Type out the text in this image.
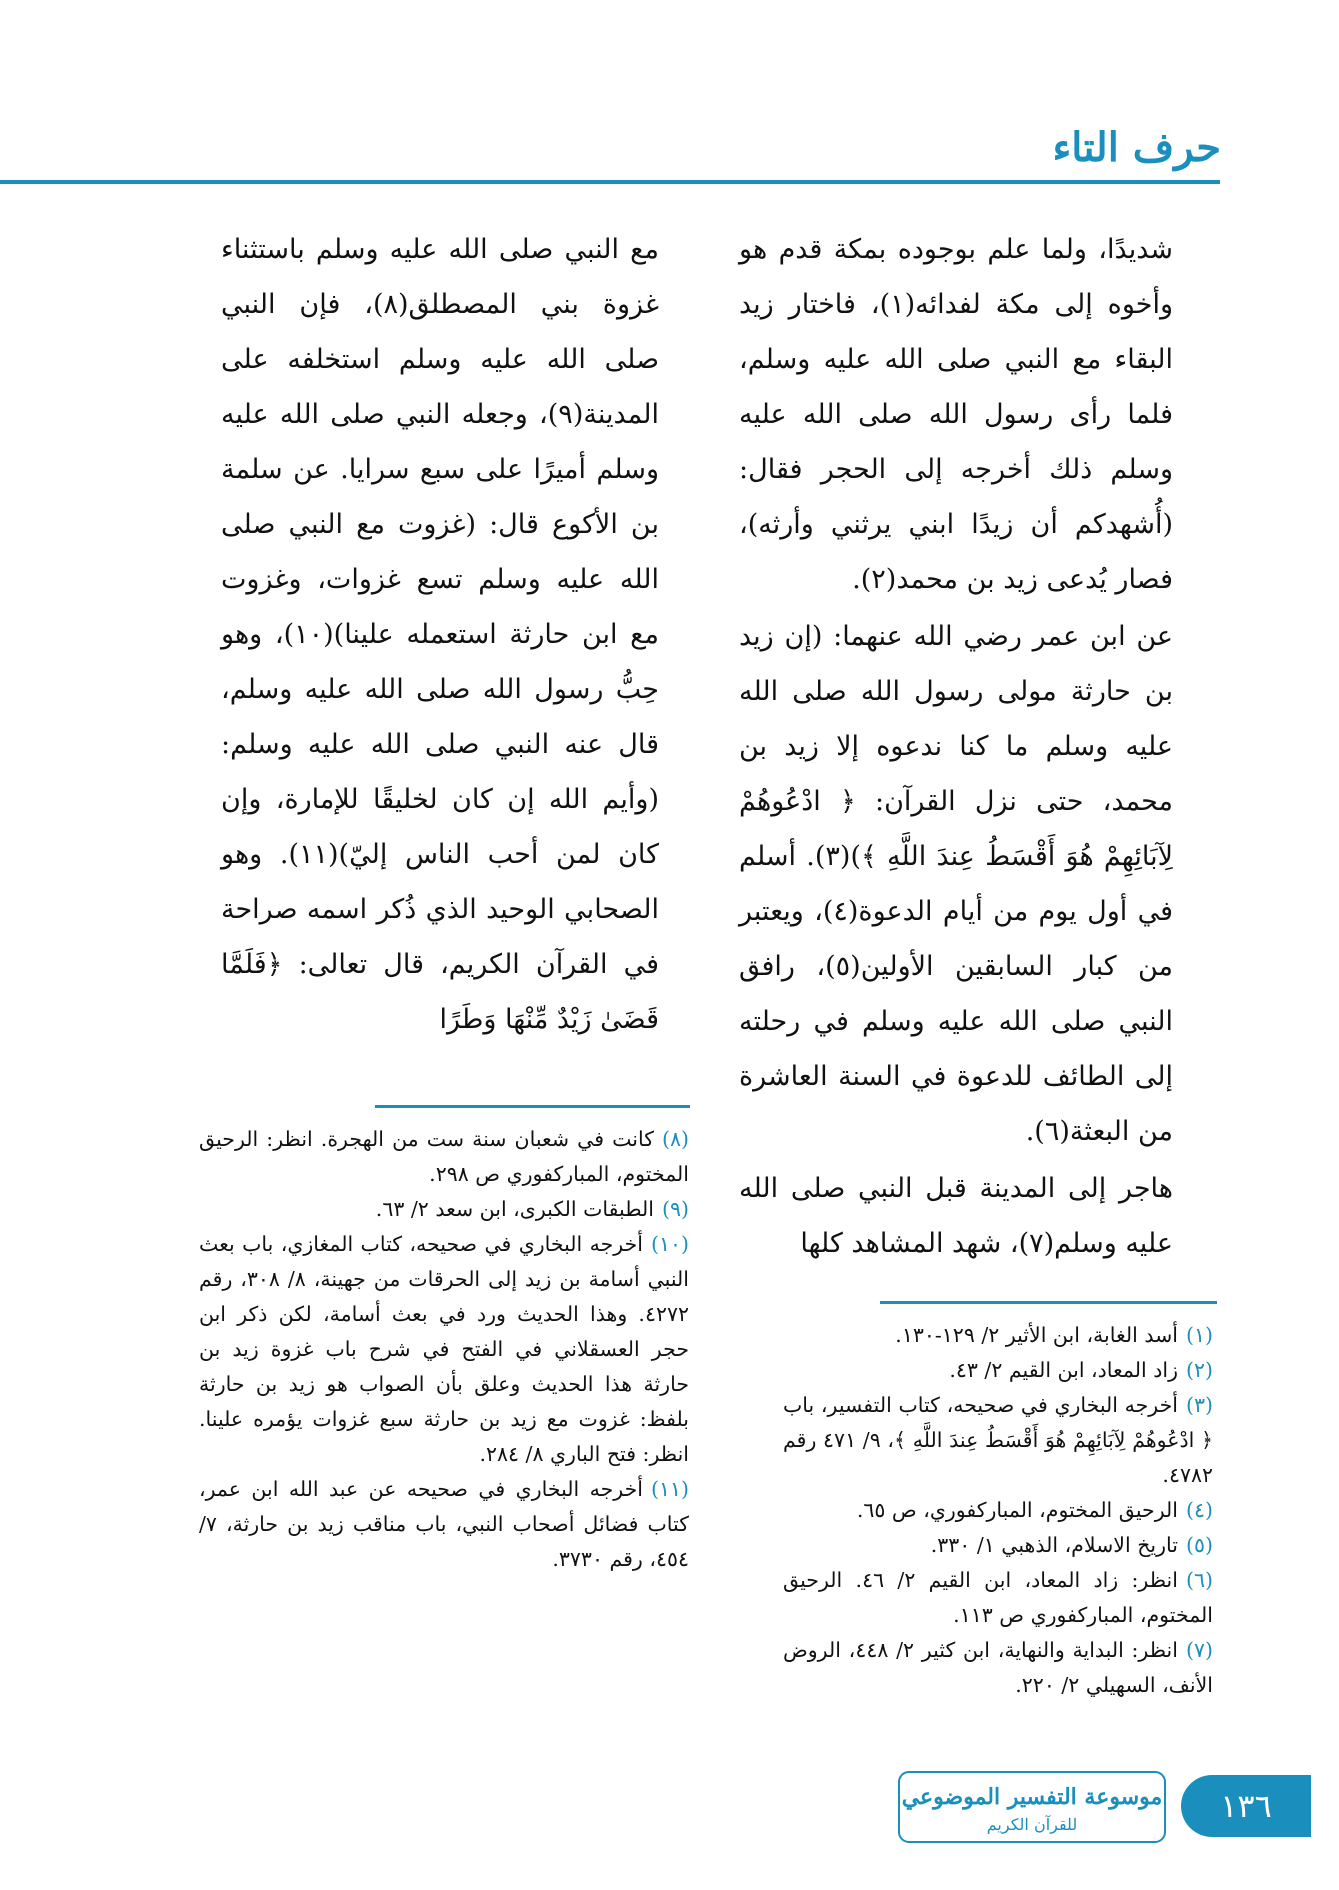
حرف التاء

شديدًا، ولما علم بوجوده بمكة قدم هو وأخوه إلى مكة لفدائه(١)، فاختار زيد البقاء مع النبي صلى الله عليه وسلم، فلما رأى رسول الله صلى الله عليه وسلم ذلك أخرجه إلى الحجر فقال: (أُشهدكم أن زيدًا ابني يرثني وأرثه)، فصار يُدعى زيد بن محمد(٢).

عن ابن عمر رضي الله عنهما: (إن زيد بن حارثة مولى رسول الله صلى الله عليه وسلم ما كنا ندعوه إلا زيد بن محمد، حتى نزل القرآن: ﴿ ادْعُوهُمْ لِآبَائِهِمْ هُوَ أَقْسَطُ عِندَ اللَّهِ ﴾)(٣). أسلم في أول يوم من أيام الدعوة(٤)، ويعتبر من كبار السابقين الأولين(٥)، رافق النبي صلى الله عليه وسلم في رحلته إلى الطائف للدعوة في السنة العاشرة من البعثة(٦).

هاجر إلى المدينة قبل النبي صلى الله عليه وسلم(٧)، شهد المشاهد كلها

مع النبي صلى الله عليه وسلم باستثناء غزوة بني المصطلق(٨)، فإن النبي صلى الله عليه وسلم استخلفه على المدينة(٩)، وجعله النبي صلى الله عليه وسلم أميرًا على سبع سرايا. عن سلمة بن الأكوع قال: (غزوت مع النبي صلى الله عليه وسلم تسع غزوات، وغزوت مع ابن حارثة استعمله علينا)(١٠)، وهو حِبُّ رسول الله صلى الله عليه وسلم، قال عنه النبي صلى الله عليه وسلم: (وأيم الله إن كان لخليقًا للإمارة، وإن كان لمن أحب الناس إليّ)(١١). وهو الصحابي الوحيد الذي ذُكر اسمه صراحة في القرآن الكريم، قال تعالى: ﴿فَلَمَّا قَضَىٰ زَيْدٌ مِّنْهَا وَطَرًا

(١)أسد الغابة، ابن الأثير ٢/ ١٢٩-١٣٠.

(٢)زاد المعاد، ابن القيم ٢/ ٤٣.

(٣)أخرجه البخاري في صحيحه، كتاب التفسير، باب ﴿ ادْعُوهُمْ لِآبَائِهِمْ هُوَ أَقْسَطُ عِندَ اللَّهِ ﴾، ٩/ ٤٧١ رقم ٤٧٨٢.

(٤)الرحيق المختوم، المباركفوري، ص ٦٥.

(٥)تاريخ الاسلام، الذهبي ١/ ٣٣٠.

(٦)انظر: زاد المعاد، ابن القيم ٢/ ٤٦. الرحيق المختوم، المباركفوري ص ١١٣.

(٧)انظر: البداية والنهاية، ابن كثير ٢/ ٤٤٨، الروض الأنف، السهيلي ٢/ ٢٢٠.

(٨)كانت في شعبان سنة ست من الهجرة. انظر: الرحيق المختوم، المباركفوري ص ٢٩٨.

(٩)الطبقات الكبرى، ابن سعد ٢/ ٦٣.

(١٠)أخرجه البخاري في صحيحه، كتاب المغازي، باب بعث النبي أسامة بن زيد إلى الحرقات من جهينة، ٨/ ٣٠٨، رقم ٤٢٧٢. وهذا الحديث ورد في بعث أسامة، لكن ذكر ابن حجر العسقلاني في الفتح في شرح باب غزوة زيد بن حارثة هذا الحديث وعلق بأن الصواب هو زيد بن حارثة بلفظ: غزوت مع زيد بن حارثة سبع غزوات يؤمره علينا. انظر: فتح الباري ٨/ ٢٨٤.

(١١)أخرجه البخاري في صحيحه عن عبد الله ابن عمر، كتاب فضائل أصحاب النبي، باب مناقب زيد بن حارثة، ٧/ ٤٥٤، رقم ٣٧٣٠.

١٣٦
موسوعة التفسير الموضوعي
للقرآن الكريم
